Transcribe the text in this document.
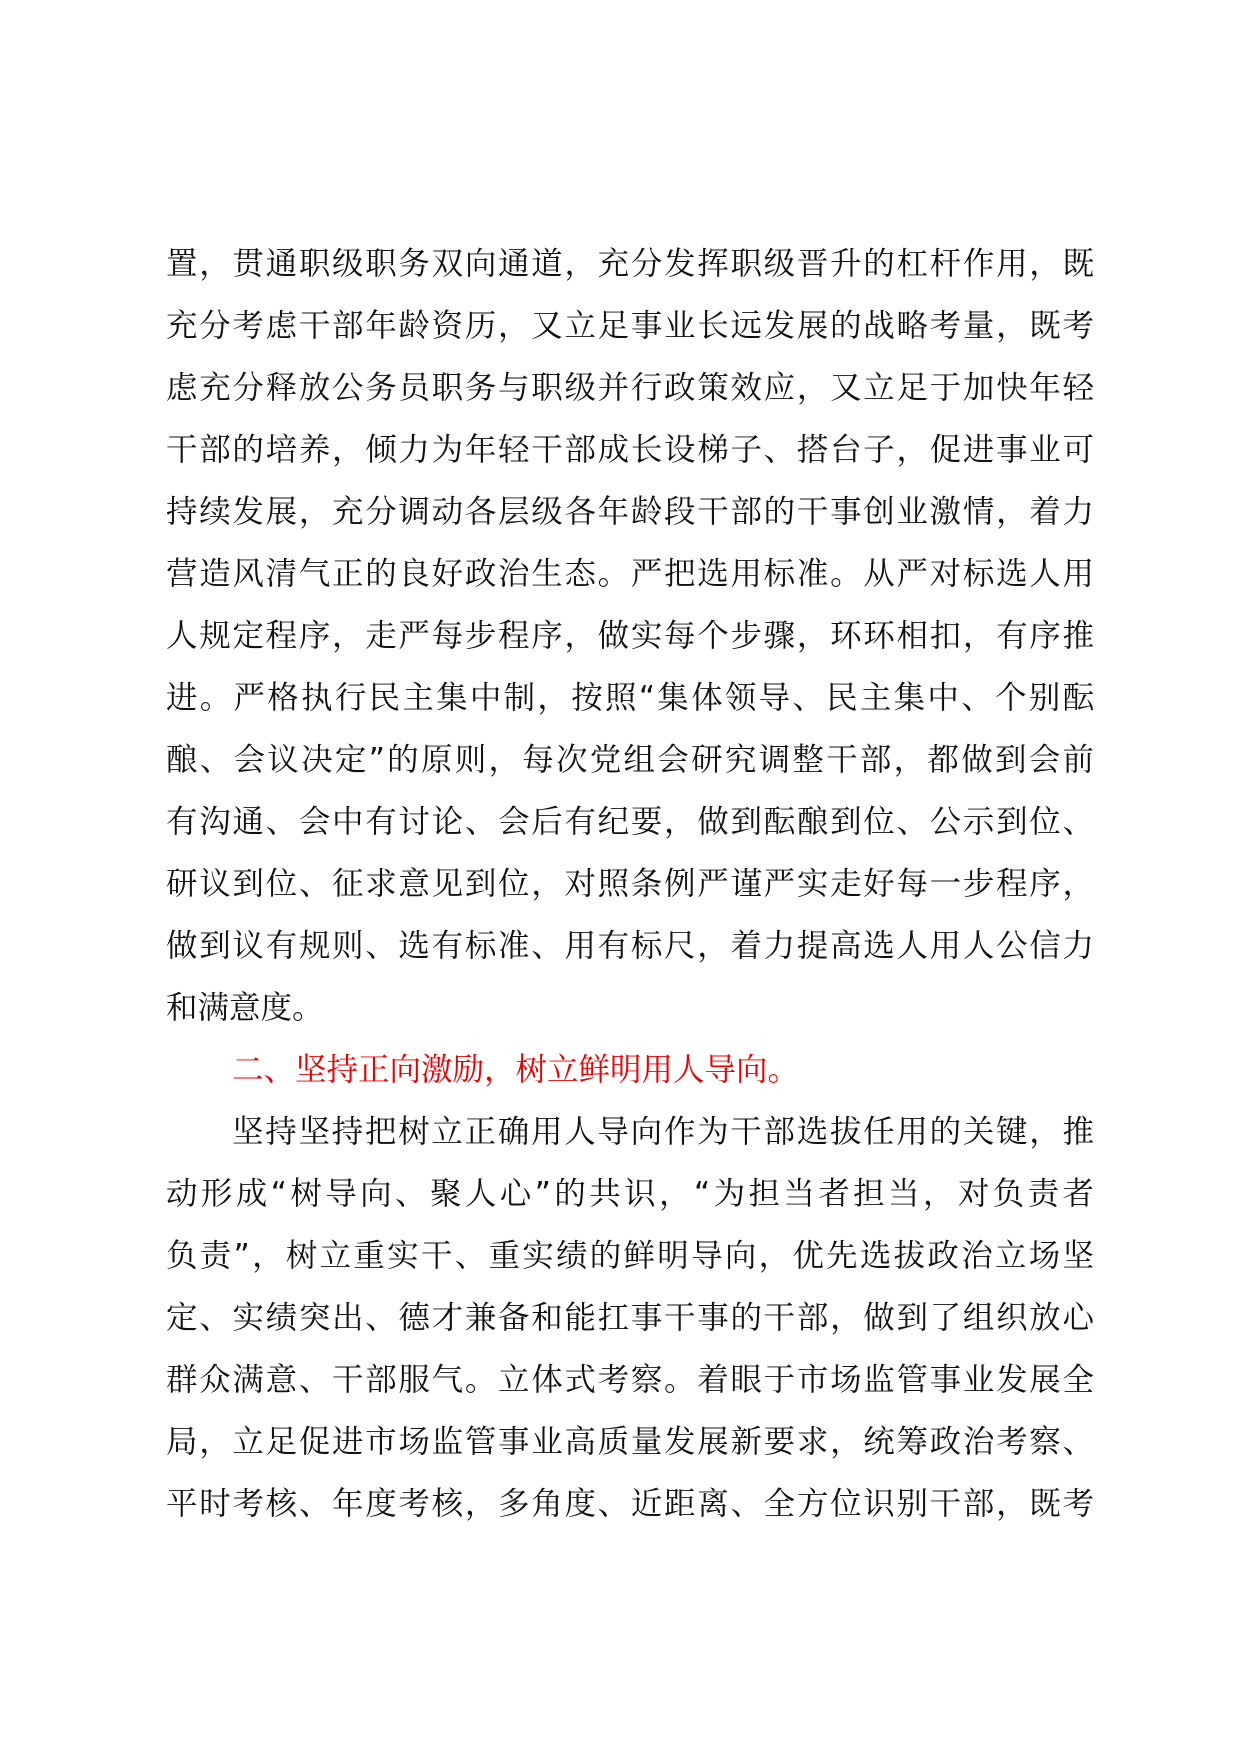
置，贯通职级职务双向通道，充分发挥职级晋升的杠杆作用，既
充分考虑干部年龄资历，又立足事业长远发展的战略考量，既考
虑充分释放公务员职务与职级并行政策效应，又立足于加快年轻
干部的培养，倾力为年轻干部成长设梯子、搭台子，促进事业可
持续发展，充分调动各层级各年龄段干部的干事创业激情，着力
营造风清气正的良好政治生态。严把选用标准。从严对标选人用
人规定程序，走严每步程序，做实每个步骤，环环相扣，有序推
进。严格执行民主集中制，按照“集体领导、民主集中、个别酝
酿、会议决定”的原则，每次党组会研究调整干部，都做到会前
有沟通、会中有讨论、会后有纪要，做到酝酿到位、公示到位、
研议到位、征求意见到位，对照条例严谨严实走好每一步程序，
做到议有规则、选有标准、用有标尺，着力提高选人用人公信力
和满意度。
二、坚持正向激励，树立鲜明用人导向。
坚持坚持把树立正确用人导向作为干部选拔任用的关键，推
动形成“树导向、聚人心”的共识，“为担当者担当，对负责者
负责”，树立重实干、重实绩的鲜明导向，优先选拔政治立场坚
定、实绩突出、德才兼备和能扛事干事的干部，做到了组织放心
群众满意、干部服气。立体式考察。着眼于市场监管事业发展全
局，立足促进市场监管事业高质量发展新要求，统筹政治考察、
平时考核、年度考核，多角度、近距离、全方位识别干部，既考
